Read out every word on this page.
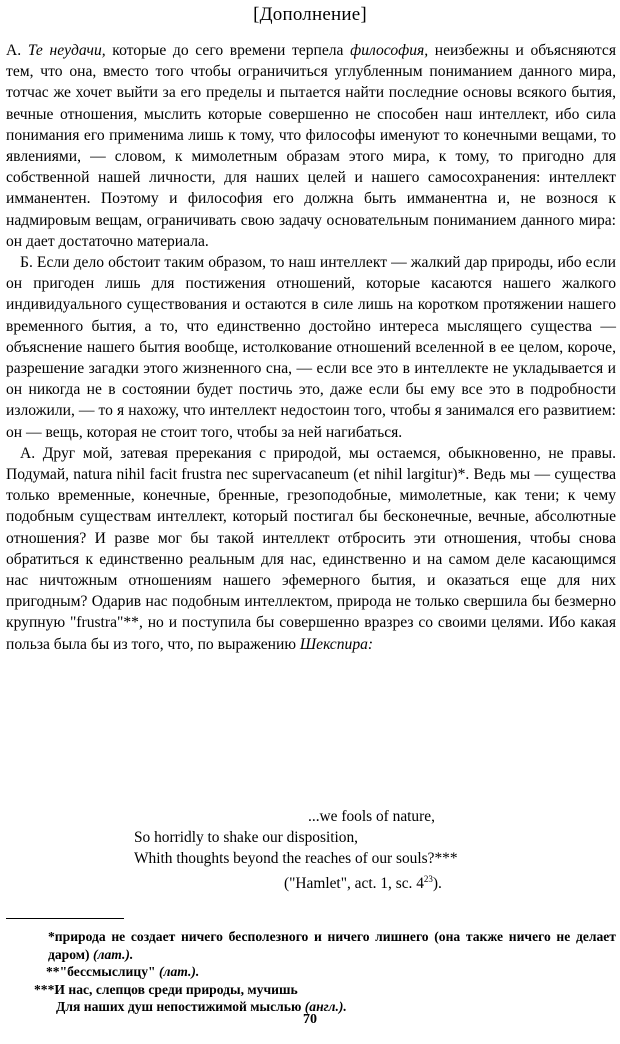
[Дополнение]

А. Те неудачи, которые до сего времени терпела философия, неизбежны и объясняются тем, что она, вместо того чтобы ограничиться углубленным пониманием данного мира, тотчас же хочет выйти за его пределы и пытается найти последние основы всякого бытия, вечные отношения, мыслить которые совершенно не способен наш интеллект, ибо сила понимания его применима лишь к тому, что философы именуют то конечными вещами, то явлениями, — словом, к мимолетным образам этого мира, к тому, то пригодно для собственной нашей личности, для наших целей и нашего самосохранения: интеллект имманентен. Поэтому и философия его должна быть имманентна и, не вознося к надмировым вещам, ограничивать свою задачу основательным пониманием данного мира: он дает достаточно материала.

Б. Если дело обстоит таким образом, то наш интеллект — жалкий дар природы, ибо если он пригоден лишь для постижения отношений, которые касаются нашего жалкого индивидуального существования и остаются в силе лишь на коротком протяжении нашего временного бытия, а то, что единственно достойно интереса мыслящего существа — объяснение нашего бытия вообще, истолкование отношений вселенной в ее целом, короче, разрешение загадки этого жизненного сна, — если все это в интеллекте не укладывается и он никогда не в состоянии будет постичь это, даже если бы ему все это в подробности изложили, — то я нахожу, что интеллект недостоин того, чтобы я занимался его развитием: он — вещь, которая не стоит того, чтобы за ней нагибаться.

А. Друг мой, затевая пререкания с природой, мы остаемся, обыкновенно, не правы. Подумай, natura nihil facit frustra nec supervacaneum (et nihil largitur)*. Ведь мы — существа только временные, конечные, бренные, грезоподобные, мимолетные, как тени; к чему подобным существам интеллект, который постигал бы бесконечные, вечные, абсолютные отношения? И разве мог бы такой интеллект отбросить эти отношения, чтобы снова обратиться к единственно реальным для нас, единственно и на самом деле касающимся нас ничтожным отношениям нашего эфемерного бытия, и оказаться еще для них пригодным? Одарив нас подобным интеллектом, природа не только свершила бы безмерно крупную "frustra"**, но и поступила бы совершенно вразрез со своими целями. Ибо какая польза была бы из того, что, по выражению Шекспира:

...we fools of nature,
So horridly to shake our disposition,
Whith thoughts beyond the reaches of our souls?***
("Hamlet", act. 1, sc. $4^{23}$).
*природа не создает ничего бесполезного и ничего лишнего (она также ничего не делает даром) (лат.).
**"бессмыслицу" (лат.).
***И нас, слепцов среди природы, мучишь
Для наших душ непостижимой мыслью (англ.).
70
